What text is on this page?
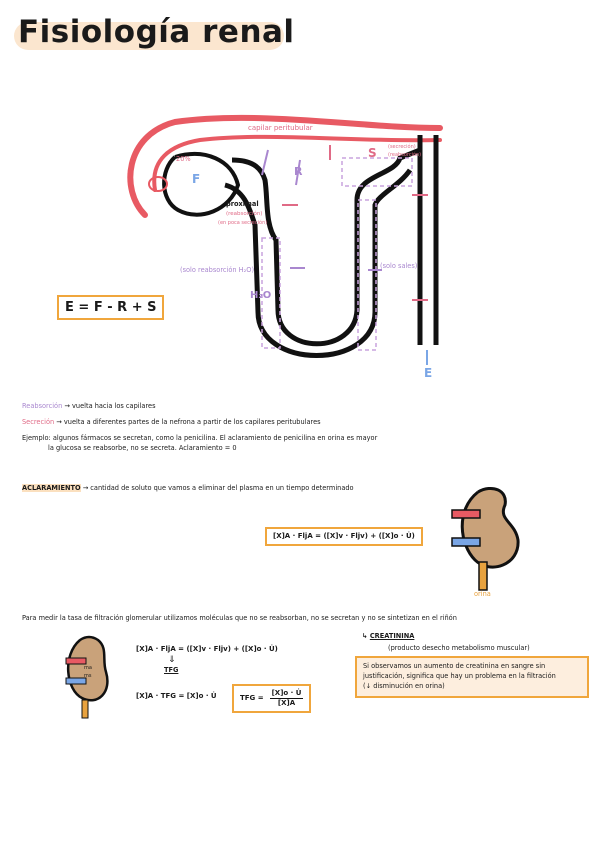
Fisiología renal
capilar peritubular
20%
F
R
S
E
proximal
(reabsorción)
(en poca secreción)
(solo reabsorción H₂O)
H₂O
(solo sales)
(secreción)
(reabsorción)
E = F - R + S
Reabsorción → vuelta hacia los capilares
Secreción → vuelta a diferentes partes de la nefrona a partir de los capilares peritubulares
Ejemplo: algunos fármacos se secretan, como la penicilina. El aclaramiento de penicilina en orina es mayor
la glucosa se reabsorbe, no se secreta. Aclaramiento = 0
ACLARAMIENTO → cantidad de soluto que vamos a eliminar del plasma en un tiempo determinado
[X]A · FljA = ([X]v · Fljv) + ([X]o · U̇)
orina
ma
ms
Para medir la tasa de filtración glomerular utilizamos moléculas que no se reabsorban, no se secretan y no se sintetizan en el riñón
[X]A · FljA = ([X]v · Fljv) + ([X]o · U̇)
⇓
TFG
[X]A · TFG = [X]o · U̇	TFG = $\frac{[X]o \cdot U̇}{[X]A}$
↳ CREATININA
(producto desecho metabolismo muscular)
Si observamos un aumento de creatinina en sangre sin
justificación, significa que hay un problema en la filtración
(↓ disminución en orina)
